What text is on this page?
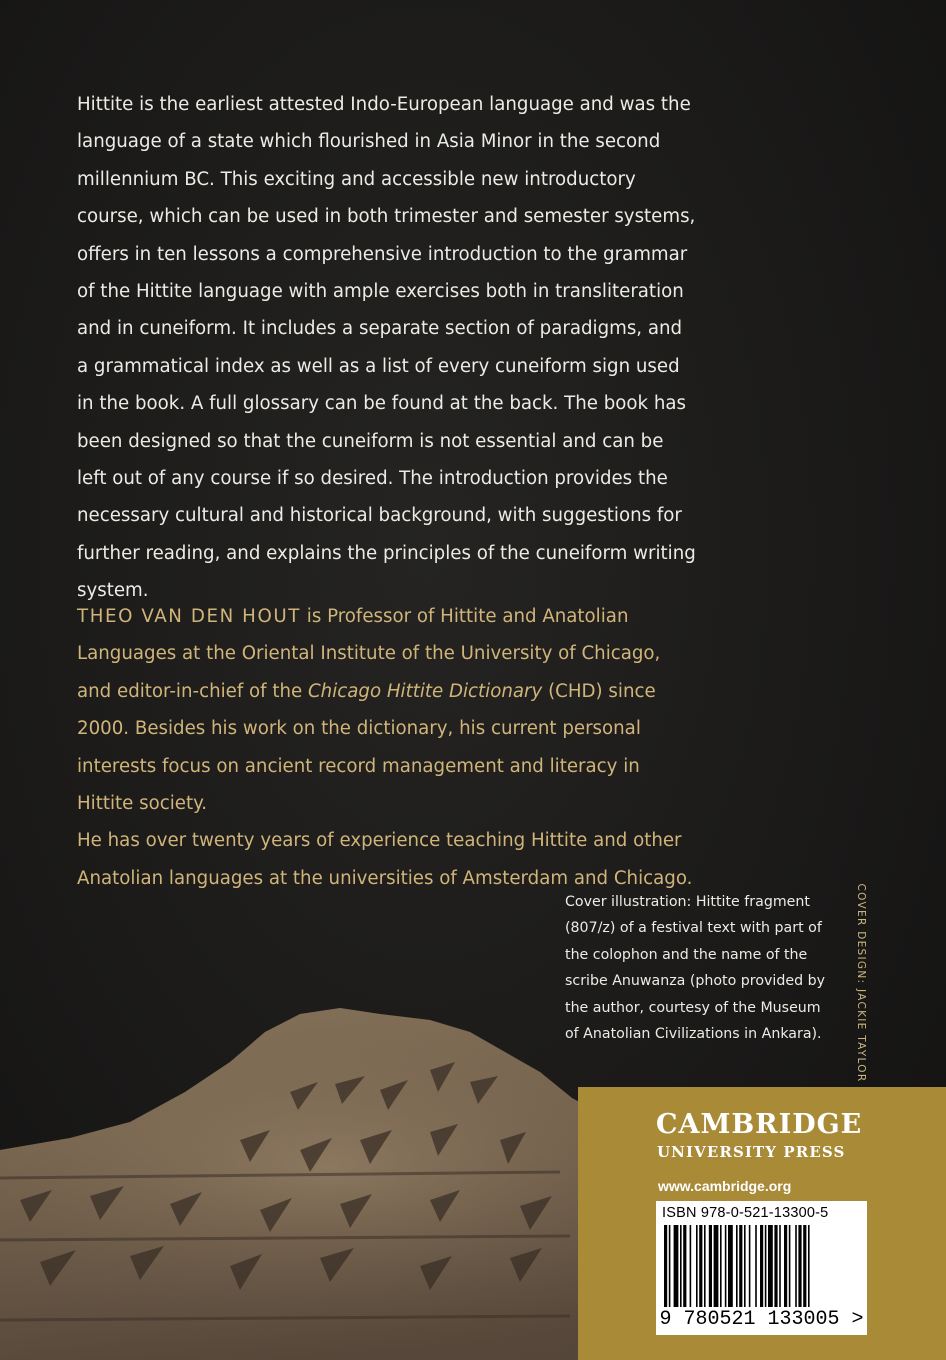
Hittite is the earliest attested Indo-European language and was the language of a state which flourished in Asia Minor in the second millennium BC. This exciting and accessible new introductory course, which can be used in both trimester and semester systems, offers in ten lessons a comprehensive introduction to the grammar of the Hittite language with ample exercises both in transliteration and in cuneiform. It includes a separate section of paradigms, and a grammatical index as well as a list of every cuneiform sign used in the book. A full glossary can be found at the back. The book has been designed so that the cuneiform is not essential and can be left out of any course if so desired. The introduction provides the necessary cultural and historical background, with suggestions for further reading, and explains the principles of the cuneiform writing system.

THEO VAN DEN HOUT is Professor of Hittite and Anatolian Languages at the Oriental Institute of the University of Chicago, and editor-in-chief of the Chicago Hittite Dictionary (CHD) since 2000. Besides his work on the dictionary, his current personal interests focus on ancient record management and literacy in Hittite society.
He has over twenty years of experience teaching Hittite and other Anatolian languages at the universities of Amsterdam and Chicago.

Cover illustration: Hittite fragment (807/z) of a festival text with part of the colophon and the name of the scribe Anuwanza (photo provided by the author, courtesy of the Museum of Anatolian Civilizations in Ankara).	COVER DESIGN: JACKIE TAYLOR

CAMBRIDGE

UNIVERSITY PRESS

www.cambridge.org

ISBN 978-0-521-13300-5

9 780521 133005 >
